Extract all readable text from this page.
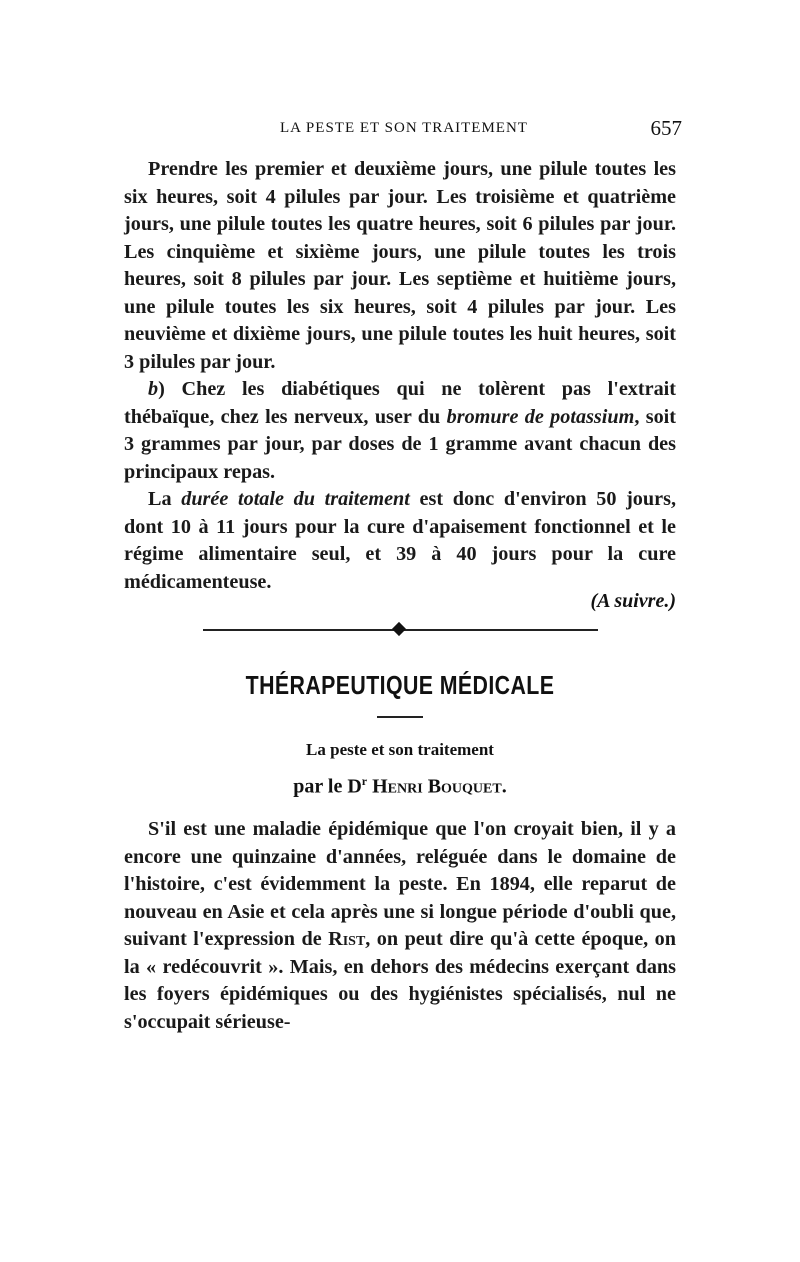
LA PESTE ET SON TRAITEMENT	657

Prendre les premier et deuxième jours, une pilule toutes les six heures, soit 4 pilules par jour. Les troisième et quatrième jours, une pilule toutes les quatre heures, soit 6 pilules par jour. Les cinquième et sixième jours, une pilule toutes les trois heures, soit 8 pilules par jour. Les septième et huitième jours, une pilule toutes les six heures, soit 4 pilules par jour. Les neuvième et dixième jours, une pilule toutes les huit heures, soit 3 pilules par jour.

b) Chez les diabétiques qui ne tolèrent pas l'extrait thébaïque, chez les nerveux, user du bromure de potassium, soit 3 grammes par jour, par doses de 1 gramme avant chacun des principaux repas.

La durée totale du traitement est donc d'environ 50 jours, dont 10 à 11 jours pour la cure d'apaisement fonctionnel et le régime alimentaire seul, et 39 à 40 jours pour la cure médicamenteuse.

(A suivre.)
THÉRAPEUTIQUE MÉDICALE
La peste et son traitement
par le $D^r$ Henri Bouquet.

S'il est une maladie épidémique que l'on croyait bien, il y a encore une quinzaine d'années, reléguée dans le domaine de l'histoire, c'est évidemment la peste. En 1894, elle reparut de nouveau en Asie et cela après une si longue période d'oubli que, suivant l'expression de Rist, on peut dire qu'à cette époque, on la « redécouvrit ». Mais, en dehors des médecins exerçant dans les foyers épidémiques ou des hygiénistes spécialisés, nul ne s'occupait sérieuse-
